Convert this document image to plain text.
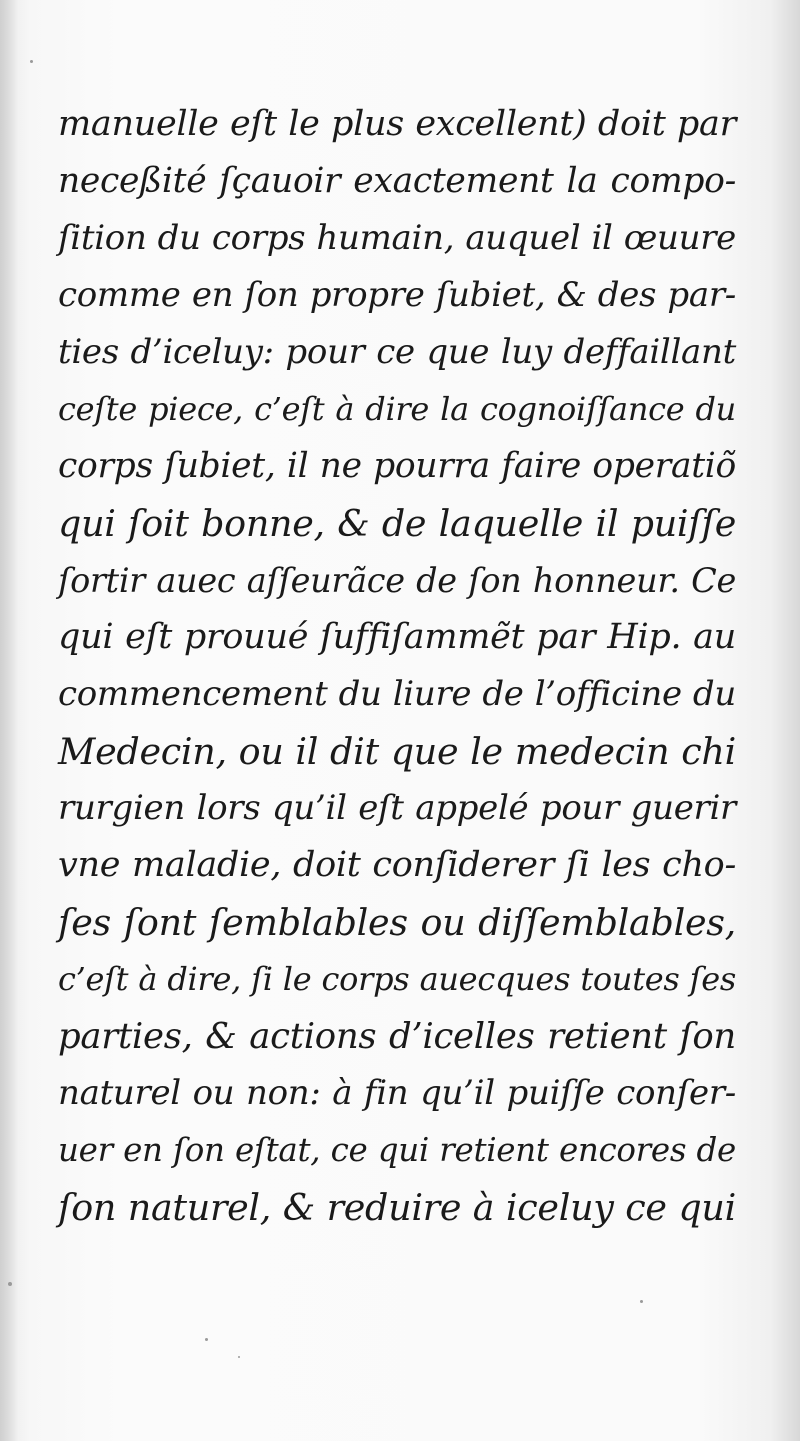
manuelle eſt le plus excellent) doit par
neceßité ſçauoir exactement la compo-
ſition du corps humain, auquel il œuure
comme en ſon propre ſubiet, & des par-
ties d’iceluy: pour ce que luy deffaillant
ceſte piece, c’eſt à dire la cognoiſſance du
corps ſubiet, il ne pourra faire operatiõ
qui ſoit bonne, & de laquelle il puiſſe
ſortir auec aſſeurãce de ſon honneur. Ce
qui eſt prouué ſuffiſammẽt par Hip. au
commencement du liure de l’officine du
Medecin, ou il dit que le medecin chi
rurgien lors qu’il eſt appelé pour guerir
vne maladie, doit conſiderer ſi les cho-
ſes ſont ſemblables ou diſſemblables,
c’eſt à dire, ſi le corps auecques toutes ſes
parties, & actions d’icelles retient ſon
naturel ou non: à fin qu’il puiſſe conſer-
uer en ſon eſtat, ce qui retient encores de
ſon naturel, & reduire à iceluy ce qui
